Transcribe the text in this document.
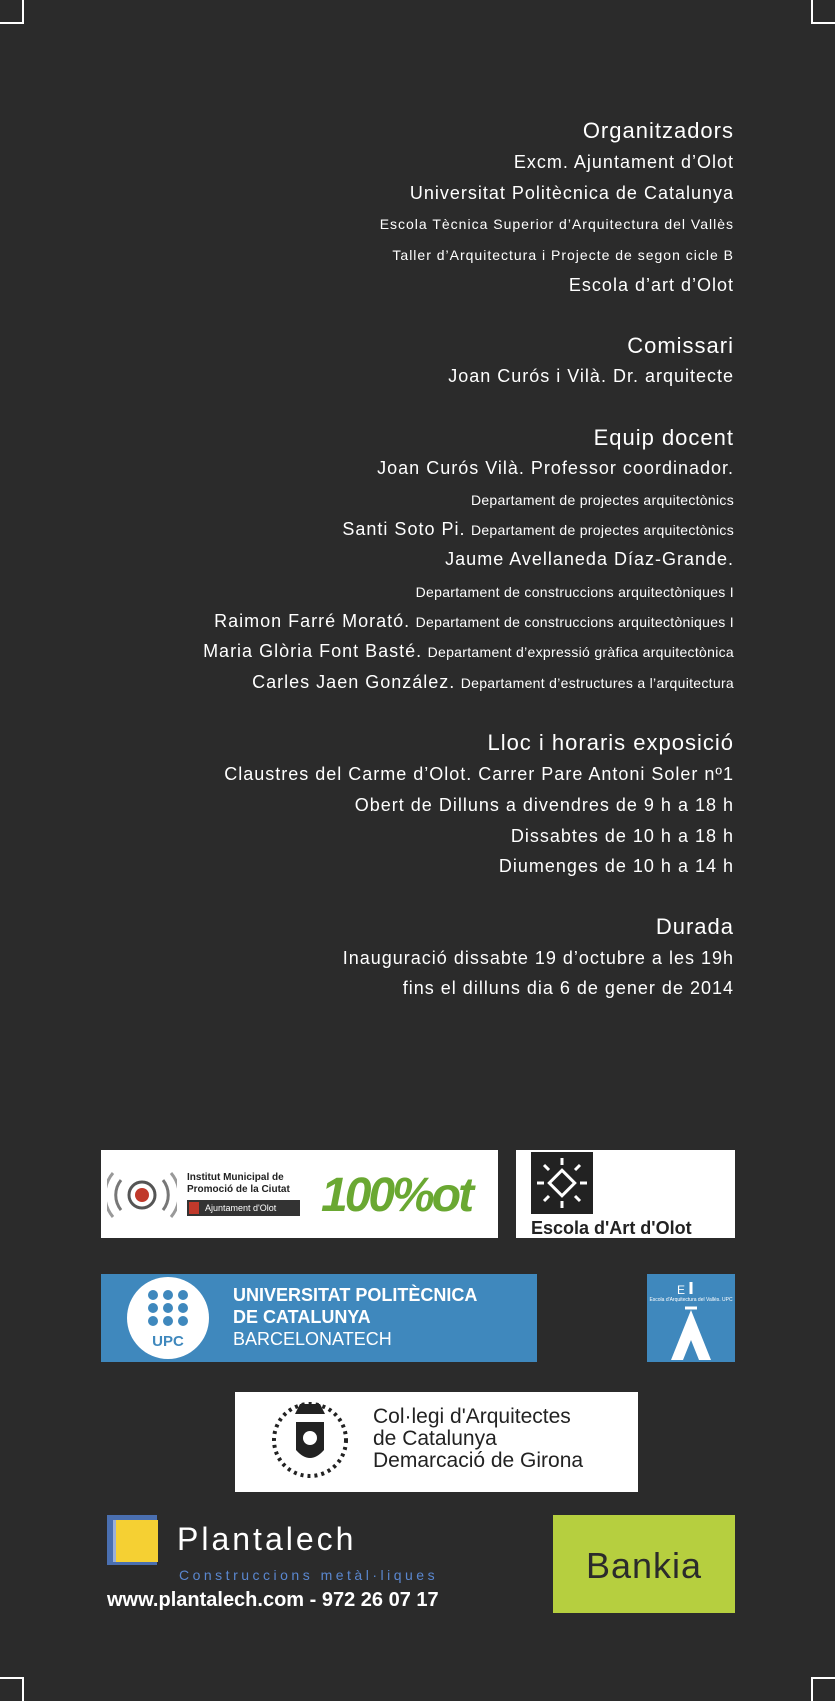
Organitzadors
Excm. Ajuntament d’Olot
Universitat Politècnica de Catalunya
Escola Tècnica Superior d’Arquitectura del Vallès
Taller d’Arquitectura i Projecte de segon cicle B
Escola d’art d’Olot
Comissari
Joan Curós i Vilà. Dr. arquitecte
Equip docent
Joan Curós Vilà. Professor coordinador.
Departament de projectes arquitectònics
Santi Soto Pi. Departament de projectes arquitectònics
Jaume Avellaneda Díaz-Grande.
Departament de construccions arquitectòniques I
Raimon Farré Morató. Departament de construccions arquitectòniques I
Maria Glòria Font Basté. Departament d’expressió gràfica arquitectònica
Carles Jaen González. Departament d’estructures a l’arquitectura
Lloc i horaris exposició
Claustres del Carme d’Olot. Carrer Pare Antoni Soler nº1
Obert de Dilluns a divendres de 9 h a 18 h
Dissabtes de 10 h a 18 h
Diumenges de 10 h a 14 h
Durada
Inauguració dissabte 19 d’octubre a les 19h
fins el dilluns dia 6 de gener de 2014
Institut Municipal de
Promoció de la Ciutat
Ajuntament d'Olot 100%ot
Escola d'Art d'Olot
UPC
UNIVERSITAT POLITÈCNICA
DE CATALUNYA
BARCELONATECH
Escola d'Arquitectura del Vallès. UPC
E
Col·legi d'Arquitectes
de Catalunya
Demarcació de Girona
Plantalech
Construccions metàl·liques
www.plantalech.com - 972 26 07 17
Bankia
